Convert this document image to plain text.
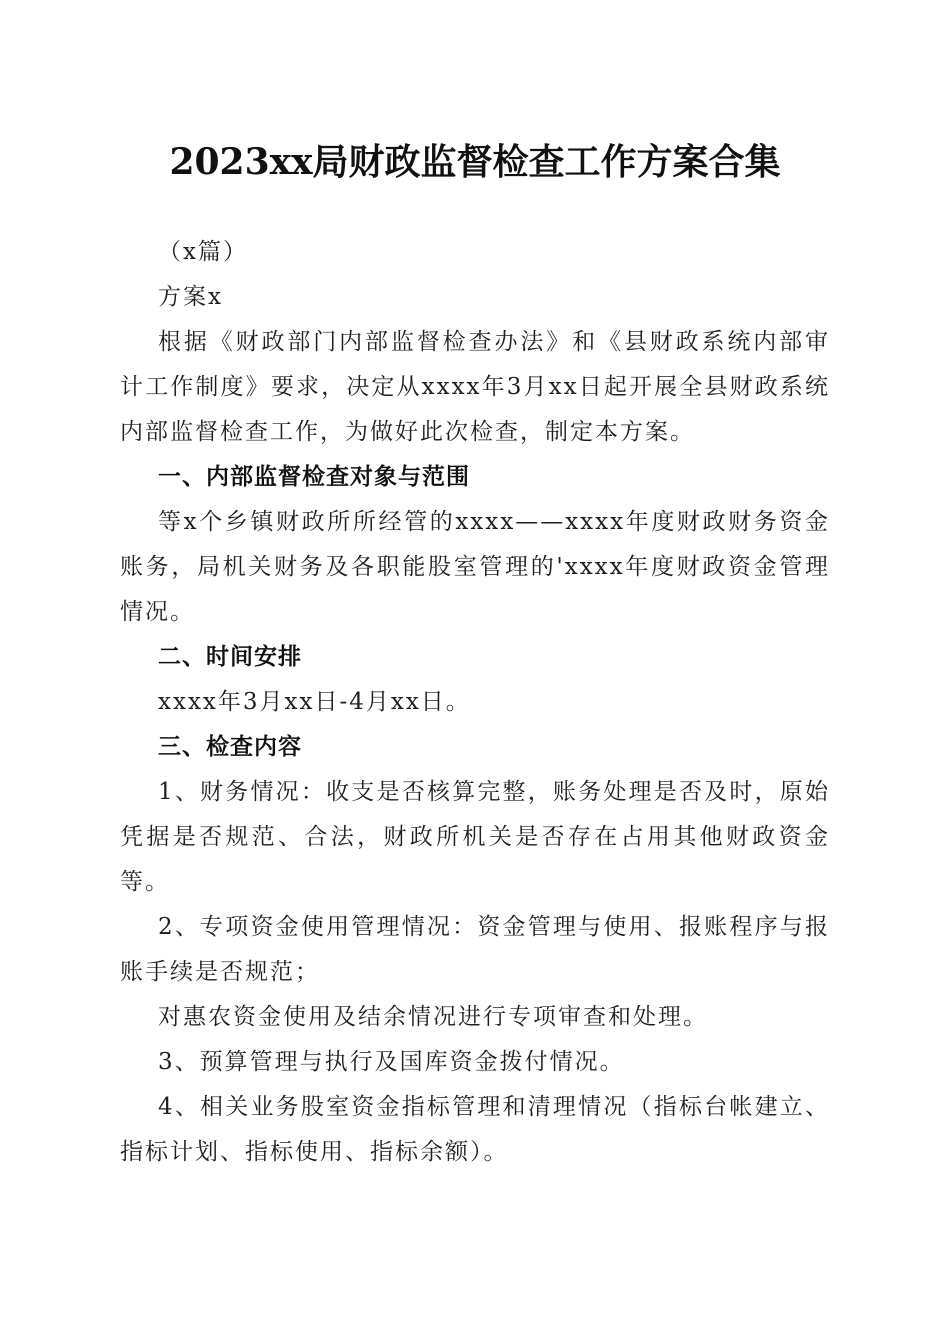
2023xx局财政监督检查工作方案合集

（x篇）

方案x

根据《财政部门内部监督检查办法》和《县财政系统内部审计工作制度》要求，决定从xxxx年3月xx日起开展全县财政系统内部监督检查工作，为做好此次检查，制定本方案。

一、内部监督检查对象与范围

等x个乡镇财政所所经管的xxxx——xxxx年度财政财务资金账务，局机关财务及各职能股室管理的'xxxx年度财政资金管理情况。

二、时间安排

xxxx年3月xx日-4月xx日。

三、检查内容

1、财务情况：收支是否核算完整，账务处理是否及时，原始凭据是否规范、合法，财政所机关是否存在占用其他财政资金等。

2、专项资金使用管理情况：资金管理与使用、报账程序与报账手续是否规范；

对惠农资金使用及结余情况进行专项审查和处理。

3、预算管理与执行及国库资金拨付情况。

4、相关业务股室资金指标管理和清理情况（指标台帐建立、指标计划、指标使用、指标余额）。
